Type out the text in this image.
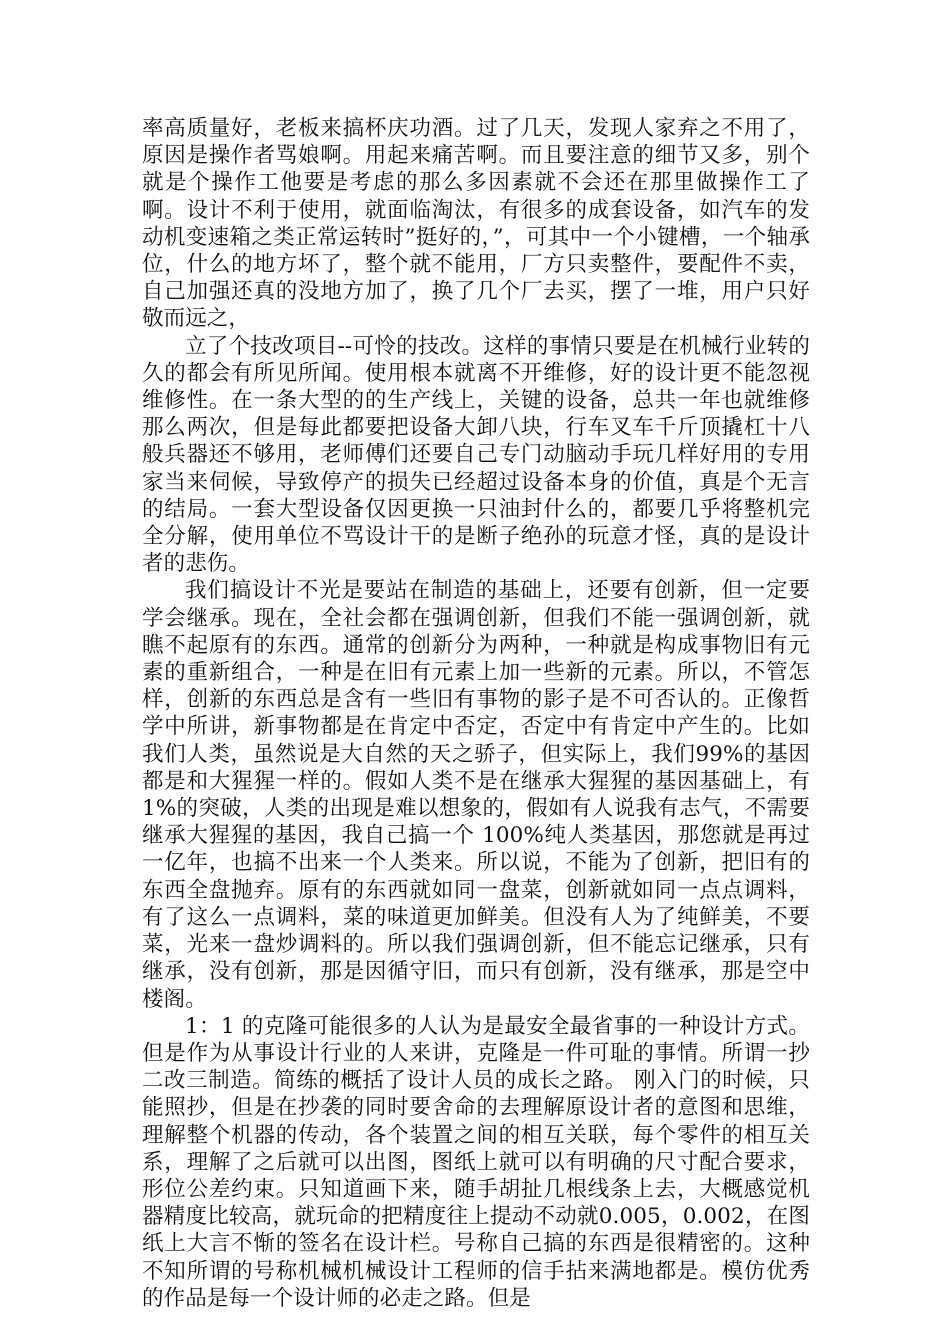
率高质量好，老板来搞杯庆功酒。过了几天，发现人家弃之不用了，原因是操作者骂娘啊。用起来痛苦啊。而且要注意的细节又多，别个就是个操作工他要是考虑的那么多因素就不会还在那里做操作工了啊。设计不利于使用，就面临淘汰，有很多的成套设备，如汽车的发动机变速箱之类正常运转时”挺好的，”，可其中一个小键槽，一个轴承位，什么的地方坏了，整个就不能用，厂方只卖整件，要配件不卖，自己加强还真的没地方加了，换了几个厂去买，摆了一堆，用户只好敬而远之，

立了个技改项目--可怜的技改。这样的事情只要是在机械行业转的久的都会有所见所闻。使用根本就离不开维修，好的设计更不能忽视维修性。在一条大型的的生产线上，关键的设备，总共一年也就维修那么两次，但是每此都要把设备大卸八块，行车叉车千斤顶撬杠十八般兵器还不够用，老师傅们还要自己专门动脑动手玩几样好用的专用家当来伺候，导致停产的损失已经超过设备本身的价值，真是个无言的结局。一套大型设备仅因更换一只油封什么的，都要几乎将整机完全分解，使用单位不骂设计干的是断子绝孙的玩意才怪，真的是设计者的悲伤。

我们搞设计不光是要站在制造的基础上，还要有创新，但一定要学会继承。现在，全社会都在强调创新，但我们不能一强调创新，就瞧不起原有的东西。通常的创新分为两种，一种就是构成事物旧有元素的重新组合，一种是在旧有元素上加一些新的元素。所以，不管怎样，创新的东西总是含有一些旧有事物的影子是不可否认的。正像哲学中所讲，新事物都是在肯定中否定，否定中有肯定中产生的。比如我们人类，虽然说是大自然的天之骄子，但实际上，我们99%的基因都是和大猩猩一样的。假如人类不是在继承大猩猩的基因基础上，有 1%的突破，人类的出现是难以想象的，假如有人说我有志气，不需要继承大猩猩的基因，我自己搞一个 100%纯人类基因，那您就是再过一亿年，也搞不出来一个人类来。所以说，不能为了创新，把旧有的东西全盘抛弃。原有的东西就如同一盘菜，创新就如同一点点调料，有了这么一点调料，菜的味道更加鲜美。但没有人为了纯鲜美，不要菜，光来一盘炒调料的。所以我们强调创新，但不能忘记继承，只有继承，没有创新，那是因循守旧，而只有创新，没有继承，那是空中楼阁。

1：1 的克隆可能很多的人认为是最安全最省事的一种设计方式。但是作为从事设计行业的人来讲，克隆是一件可耻的事情。所谓一抄二改三制造。简练的概括了设计人员的成长之路。 刚入门的时候，只能照抄，但是在抄袭的同时要舍命的去理解原设计者的意图和思维，理解整个机器的传动，各个装置之间的相互关联，每个零件的相互关系，理解了之后就可以出图，图纸上就可以有明确的尺寸配合要求，形位公差约束。只知道画下来，随手胡扯几根线条上去，大概感觉机器精度比较高，就玩命的把精度往上提动不动就0.005，0.002，在图纸上大言不惭的签名在设计栏。号称自己搞的东西是很精密的。这种不知所谓的号称机械机械设计工程师的信手拈来满地都是。模仿优秀的作品是每一个设计师的必走之路。但是
